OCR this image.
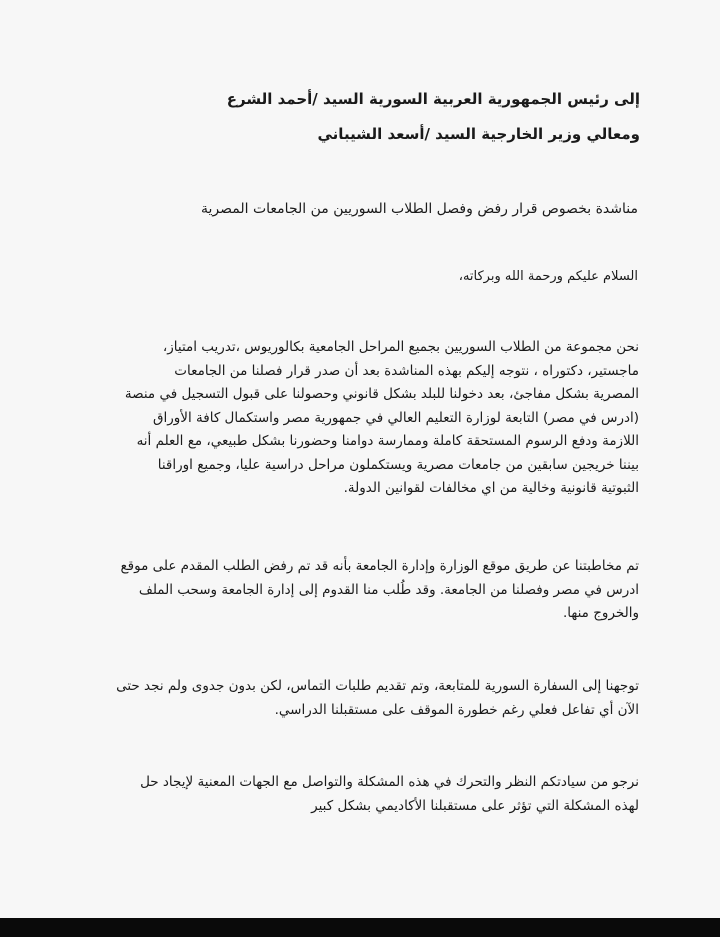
إلى رئيس الجمهورية العربية السورية السيد /أحمد الشرع

ومعالي وزير الخارجية السيد /أسعد الشيباني

مناشدة بخصوص قرار رفض وفصل الطلاب السوريين من الجامعات المصرية

السلام عليكم ورحمة الله وبركاته،

نحن مجموعة من الطلاب السوريين بجميع المراحل الجامعية بكالوريوس ،تدريب امتياز،
ماجستير، دكتوراه ، نتوجه إليكم بهذه المناشدة بعد أن صدر قرار فصلنا من الجامعات
المصرية بشكل مفاجئ، بعد دخولنا للبلد بشكل قانوني وحصولنا على قبول التسجيل في منصة
(ادرس في مصر) التابعة لوزارة التعليم العالي في جمهورية مصر واستكمال كافة الأوراق
اللازمة ودفع الرسوم المستحقة كاملة وممارسة دوامنا وحضورنا بشكل طبيعي، مع العلم أنه
بيننا خريجين سابقين من جامعات مصرية ويستكملون مراحل دراسية عليا، وجميع اوراقنا
الثبوتية قانونية وخالية من اي مخالفات لقوانين الدولة.
تم مخاطبتنا عن طريق موقع الوزارة وإدارة الجامعة بأنه قد تم رفض الطلب المقدم على موقع
ادرس في مصر وفصلنا من الجامعة. وقد طُلب منا القدوم إلى إدارة الجامعة وسحب الملف
والخروج منها.
توجهنا إلى السفارة السورية للمتابعة، وتم تقديم طلبات التماس، لكن بدون جدوى ولم نجد حتى
الآن أي تفاعل فعلي رغم خطورة الموقف على مستقبلنا الدراسي.
نرجو من سيادتكم النظر والتحرك في هذه المشكلة والتواصل مع الجهات المعنية لإيجاد حل
لهذه المشكلة التي تؤثر على مستقبلنا الأكاديمي بشكل كبير
